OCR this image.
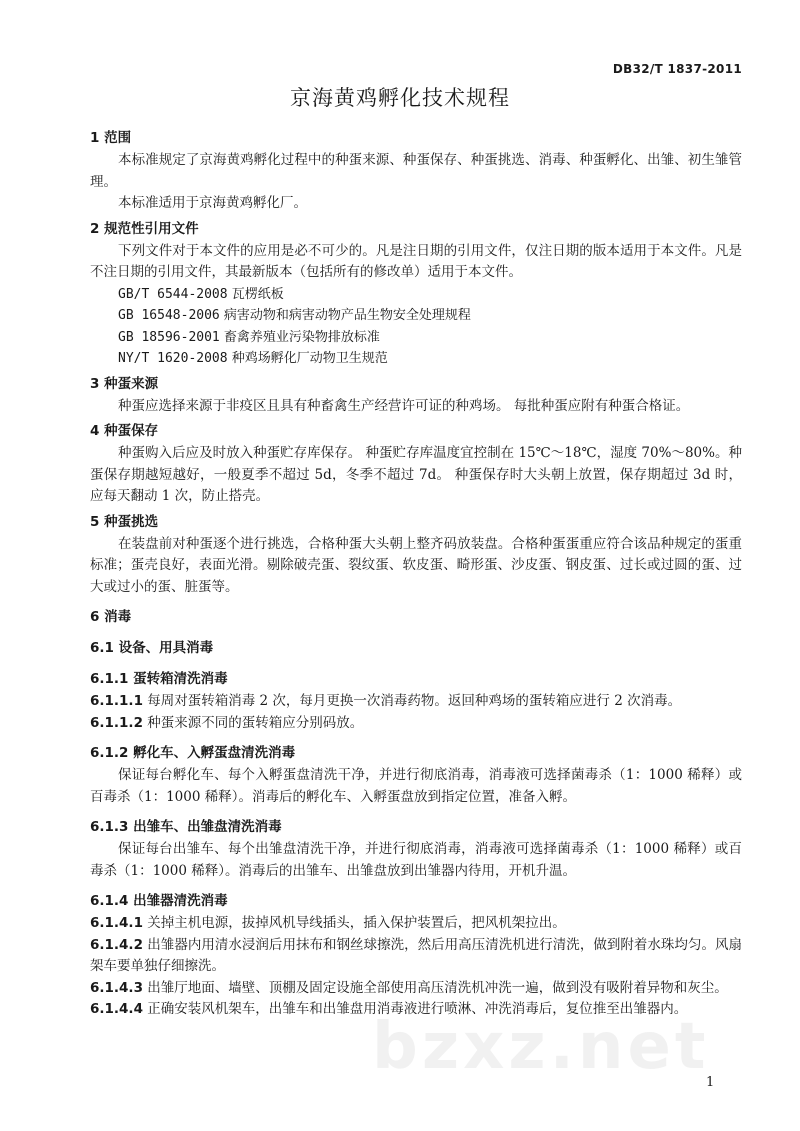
DB32/T 1837-2011
京海黄鸡孵化技术规程
1 范围
本标准规定了京海黄鸡孵化过程中的种蛋来源、种蛋保存、种蛋挑选、消毒、种蛋孵化、出雏、初生雏管理。
本标准适用于京海黄鸡孵化厂。
2 规范性引用文件
下列文件对于本文件的应用是必不可少的。凡是注日期的引用文件，仅注日期的版本适用于本文件。凡是不注日期的引用文件，其最新版本（包括所有的修改单）适用于本文件。
GB/T 6544-2008 瓦楞纸板
GB 16548-2006 病害动物和病害动物产品生物安全处理规程
GB 18596-2001 畜禽养殖业污染物排放标准
NY/T 1620-2008 种鸡场孵化厂动物卫生规范
3 种蛋来源
种蛋应选择来源于非疫区且具有种畜禽生产经营许可证的种鸡场。 每批种蛋应附有种蛋合格证。
4 种蛋保存
种蛋购入后应及时放入种蛋贮存库保存。 种蛋贮存库温度宜控制在 15℃～18℃，湿度 70%～80%。种蛋保存期越短越好，一般夏季不超过 5d，冬季不超过 7d。 种蛋保存时大头朝上放置，保存期超过 3d 时，应每天翻动 1 次，防止搭壳。
5 种蛋挑选
在装盘前对种蛋逐个进行挑选，合格种蛋大头朝上整齐码放装盘。合格种蛋蛋重应符合该品种规定的蛋重标准；蛋壳良好，表面光滑。剔除破壳蛋、裂纹蛋、软皮蛋、畸形蛋、沙皮蛋、钢皮蛋、过长或过圆的蛋、过大或过小的蛋、脏蛋等。
6 消毒
6.1 设备、用具消毒
6.1.1 蛋转箱清洗消毒
6.1.1.1 每周对蛋转箱消毒 2 次，每月更换一次消毒药物。返回种鸡场的蛋转箱应进行 2 次消毒。
6.1.1.2 种蛋来源不同的蛋转箱应分别码放。
6.1.2 孵化车、入孵蛋盘清洗消毒
保证每台孵化车、每个入孵蛋盘清洗干净，并进行彻底消毒，消毒液可选择菌毒杀（1：1000 稀释）或百毒杀（1：1000 稀释）。消毒后的孵化车、入孵蛋盘放到指定位置，准备入孵。
6.1.3 出雏车、出雏盘清洗消毒
保证每台出雏车、每个出雏盘清洗干净，并进行彻底消毒，消毒液可选择菌毒杀（1：1000 稀释）或百毒杀（1：1000 稀释）。消毒后的出雏车、出雏盘放到出雏器内待用，开机升温。
6.1.4 出雏器清洗消毒
6.1.4.1 关掉主机电源，拔掉风机导线插头，插入保护装置后，把风机架拉出。
6.1.4.2 出雏器内用清水浸润后用抹布和钢丝球擦洗，然后用高压清洗机进行清洗，做到附着水珠均匀。风扇架车要单独仔细擦洗。
6.1.4.3 出雏厅地面、墙壁、顶棚及固定设施全部使用高压清洗机冲洗一遍，做到没有吸附着异物和灰尘。
6.1.4.4 正确安装风机架车，出雏车和出雏盘用消毒液进行喷淋、冲洗消毒后，复位推至出雏器内。
bzxz.net
1
